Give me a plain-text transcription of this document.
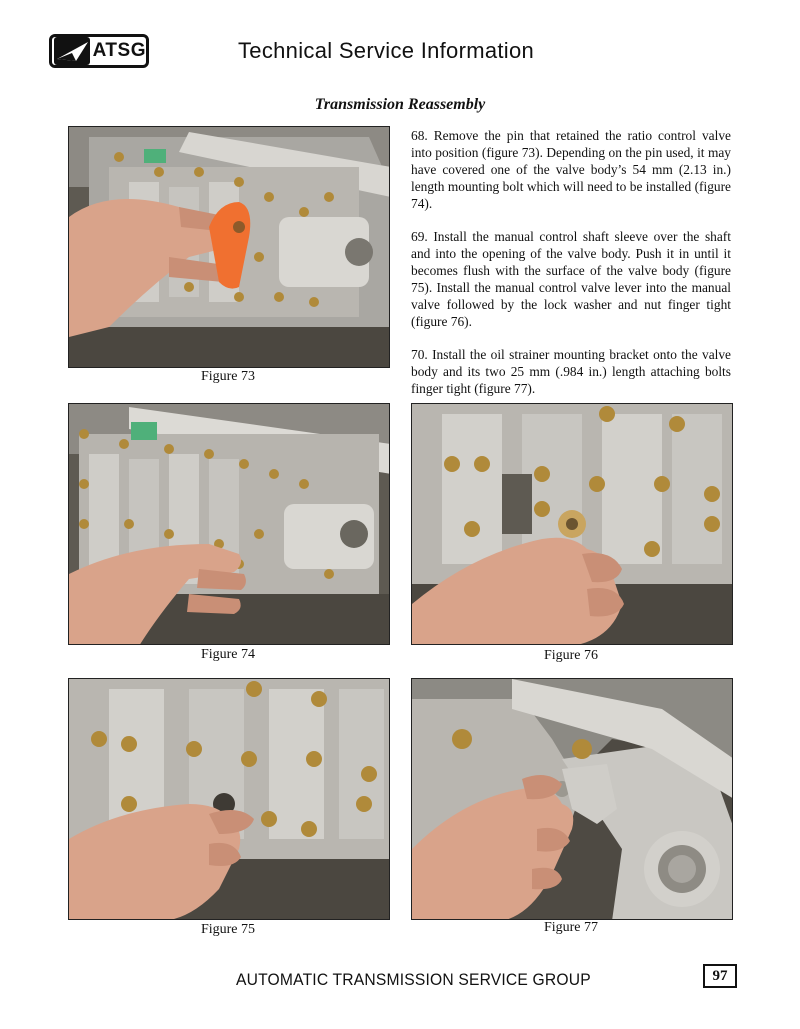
ATSG	Technical Service Information
Transmission Reassembly

68. Remove the pin that retained the ratio control valve into position (figure 73). Depending on the pin used, it may have covered one of the valve body’s 54 mm (2.13 in.) length mounting bolt which will need to be installed (figure 74).

69. Install the manual control shaft sleeve over the shaft and into the opening of the valve body. Push it in until it becomes flush with the surface of the valve body (figure 75). Install the manual control valve lever into the manual valve followed by the lock washer and nut finger tight (figure 76).

70. Install the oil strainer mounting bracket onto the valve body and its two 25 mm (.984 in.) length attaching bolts finger tight (figure 77).

Figure 73
Figure 74	Figure 76
Figure 75	Figure 77
AUTOMATIC TRANSMISSION SERVICE GROUP	97
